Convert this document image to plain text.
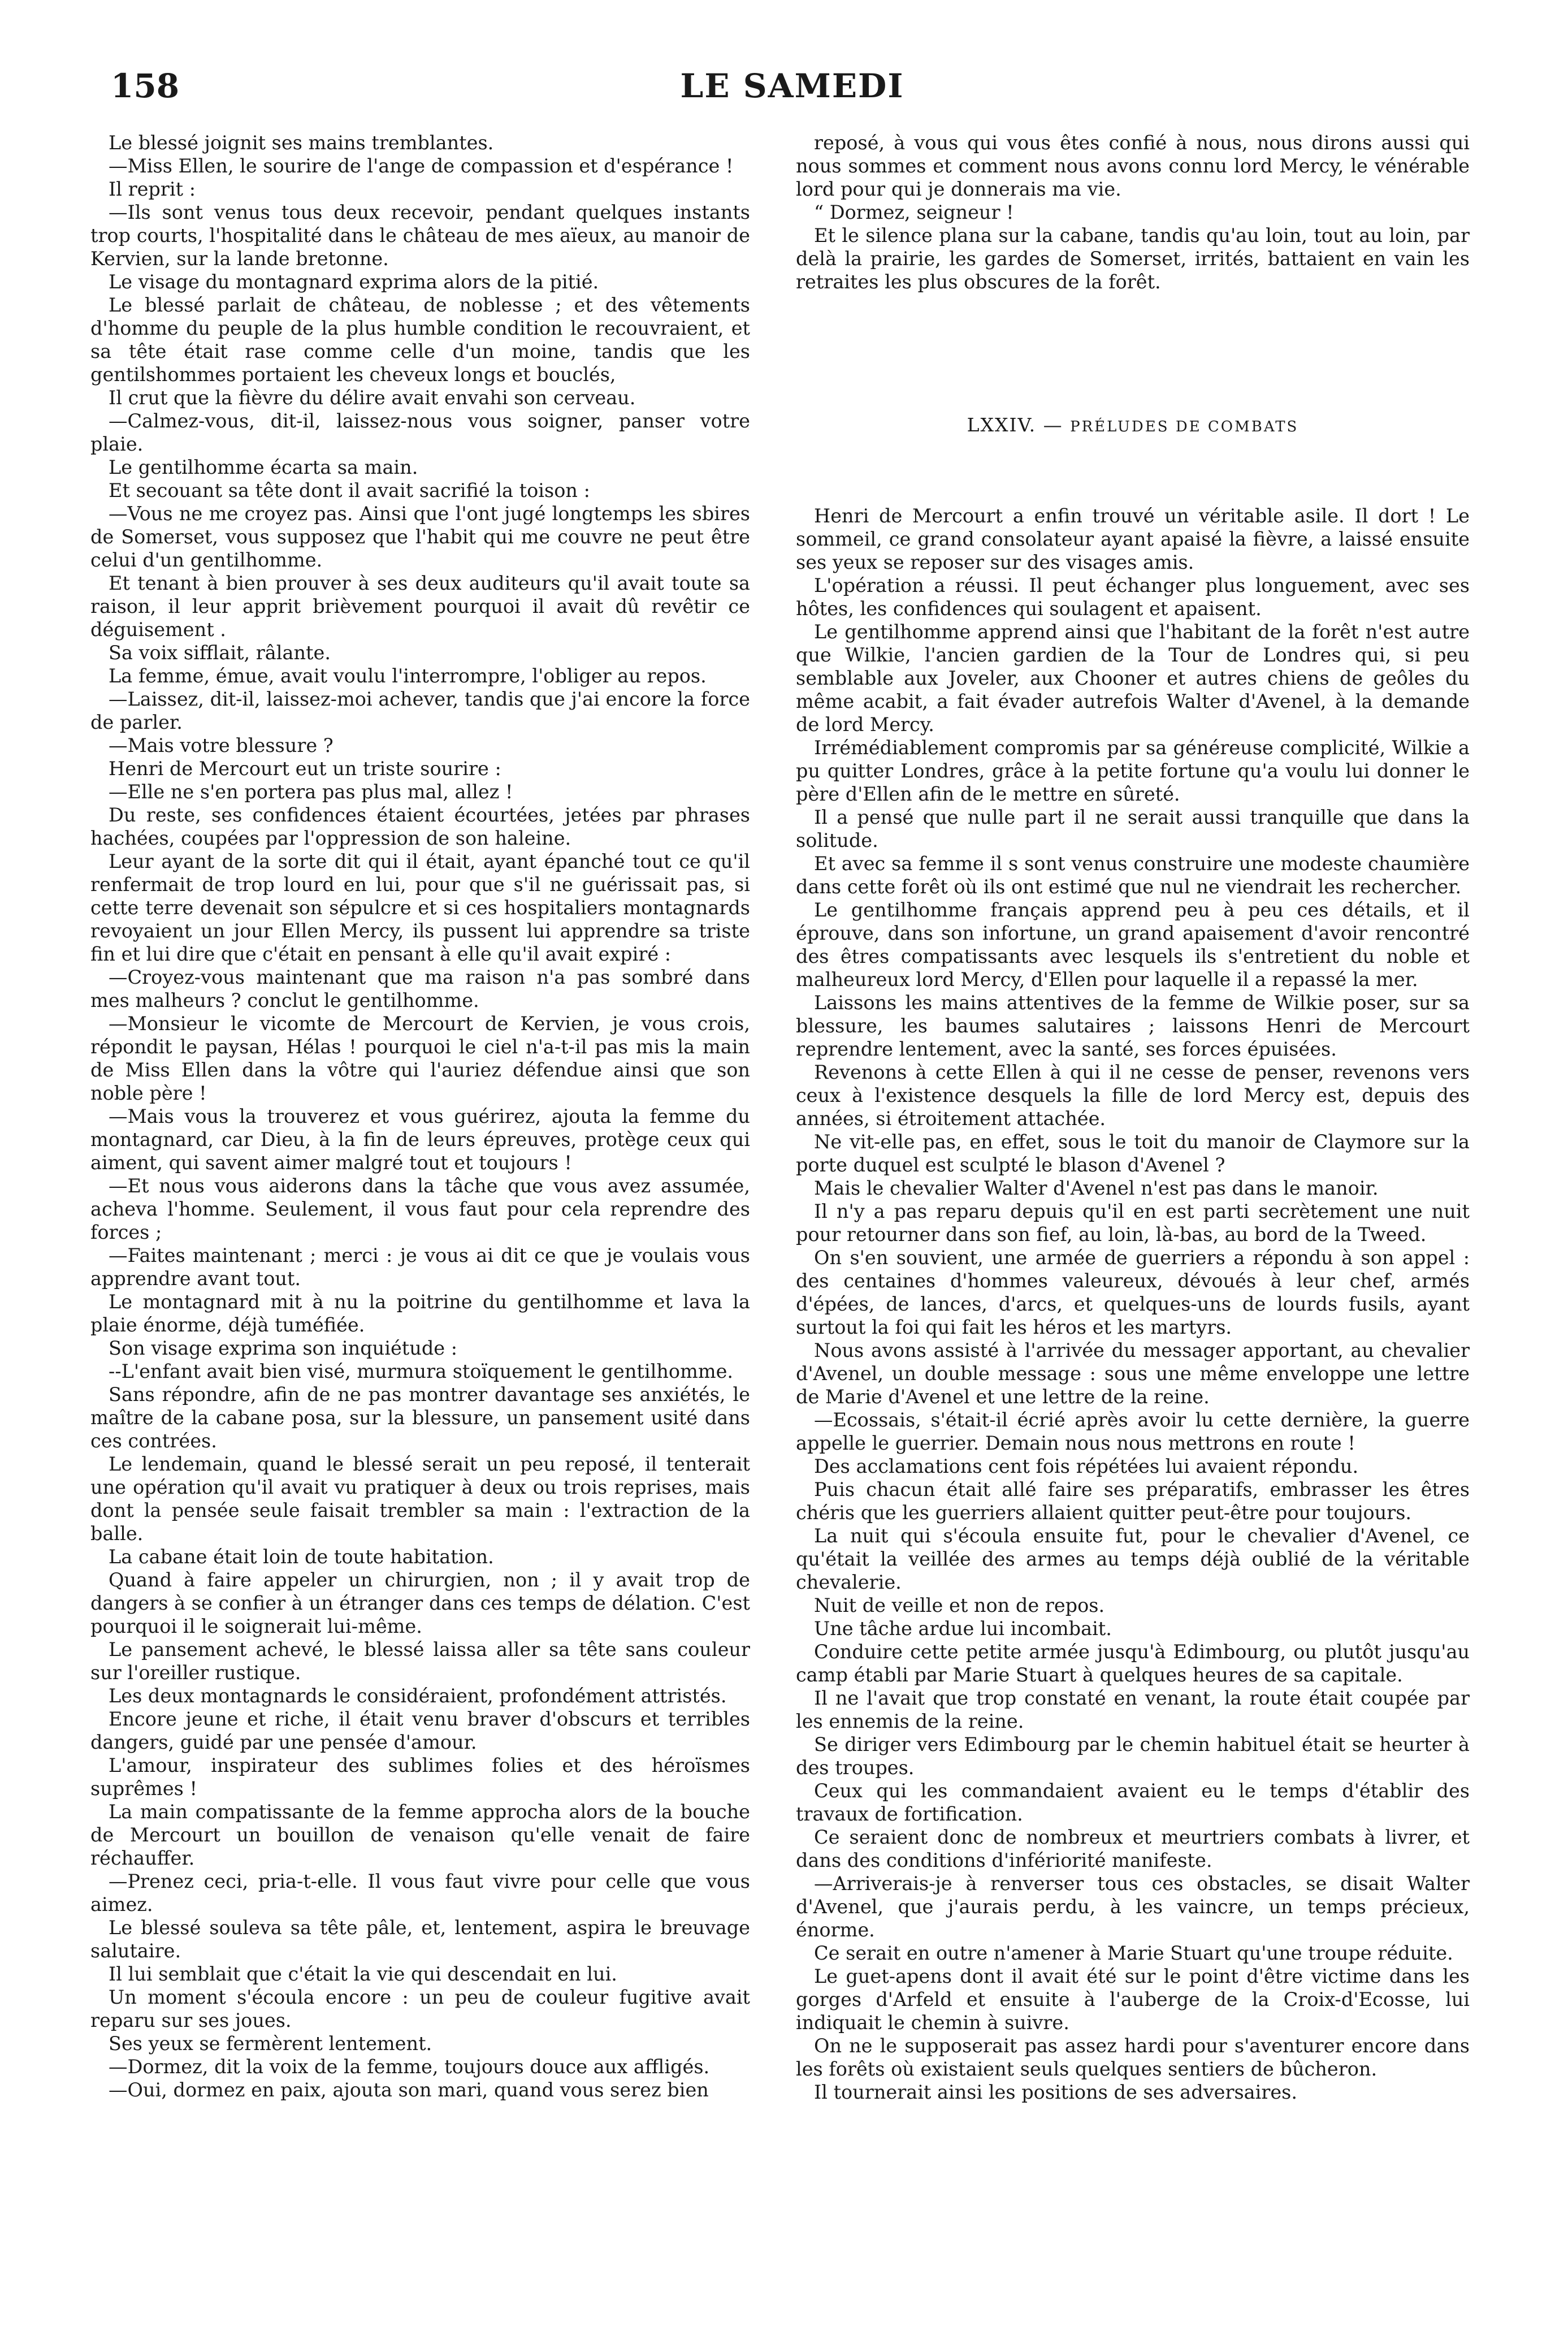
158	LE SAMEDI

Le blessé joignit ses mains tremblantes.

—Miss Ellen, le sourire de l'ange de compassion et d'espérance !

Il reprit :

—Ils sont venus tous deux recevoir, pendant quelques instants trop courts, l'hospitalité dans le château de mes aïeux, au manoir de Kervien, sur la lande bretonne.

Le visage du montagnard exprima alors de la pitié.

Le blessé parlait de château, de noblesse ; et des vêtements d'homme du peuple de la plus humble condition le recouvraient, et sa tête était rase comme celle d'un moine, tandis que les gentilshommes portaient les cheveux longs et bouclés,

Il crut que la fièvre du délire avait envahi son cerveau.

—Calmez-vous, dit-il, laissez-nous vous soigner, panser votre plaie.

Le gentilhomme écarta sa main.

Et secouant sa tête dont il avait sacrifié la toison :

—Vous ne me croyez pas. Ainsi que l'ont jugé longtemps les sbires de Somerset, vous supposez que l'habit qui me couvre ne peut être celui d'un gentilhomme.

Et tenant à bien prouver à ses deux auditeurs qu'il avait toute sa raison, il leur apprit brièvement pourquoi il avait dû revêtir ce déguisement .

Sa voix sifflait, râlante.

La femme, émue, avait voulu l'interrompre, l'obliger au repos.

—Laissez, dit-il, laissez-moi achever, tandis que j'ai encore la force de parler.

—Mais votre blessure ?

Henri de Mercourt eut un triste sourire :

—Elle ne s'en portera pas plus mal, allez !

Du reste, ses confidences étaient écourtées, jetées par phrases hachées, coupées par l'oppression de son haleine.

Leur ayant de la sorte dit qui il était, ayant épanché tout ce qu'il renfermait de trop lourd en lui, pour que s'il ne guérissait pas, si cette terre devenait son sépulcre et si ces hospitaliers montagnards revoyaient un jour Ellen Mercy, ils pussent lui apprendre sa triste fin et lui dire que c'était en pensant à elle qu'il avait expiré :

—Croyez-vous maintenant que ma raison n'a pas sombré dans mes malheurs ? conclut le gentilhomme.

—Monsieur le vicomte de Mercourt de Kervien, je vous crois, répondit le paysan, Hélas ! pourquoi le ciel n'a-t-il pas mis la main de Miss Ellen dans la vôtre qui l'auriez défendue ainsi que son noble père !

—Mais vous la trouverez et vous guérirez, ajouta la femme du montagnard, car Dieu, à la fin de leurs épreuves, protège ceux qui aiment, qui savent aimer malgré tout et toujours !

—Et nous vous aiderons dans la tâche que vous avez assumée, acheva l'homme. Seulement, il vous faut pour cela reprendre des forces ;

—Faites maintenant ; merci : je vous ai dit ce que je voulais vous apprendre avant tout.

Le montagnard mit à nu la poitrine du gentilhomme et lava la plaie énorme, déjà tuméfiée.

Son visage exprima son inquiétude :

--L'enfant avait bien visé, murmura stoïquement le gentilhomme.

Sans répondre, afin de ne pas montrer davantage ses anxiétés, le maître de la cabane posa, sur la blessure, un pansement usité dans ces contrées.

Le lendemain, quand le blessé serait un peu reposé, il tenterait une opération qu'il avait vu pratiquer à deux ou trois reprises, mais dont la pensée seule faisait trembler sa main : l'extraction de la balle.

La cabane était loin de toute habitation.

Quand à faire appeler un chirurgien, non ; il y avait trop de dangers à se confier à un étranger dans ces temps de délation. C'est pourquoi il le soignerait lui-même.

Le pansement achevé, le blessé laissa aller sa tête sans couleur sur l'oreiller rustique.

Les deux montagnards le considéraient, profondément attristés.

Encore jeune et riche, il était venu braver d'obscurs et terribles dangers, guidé par une pensée d'amour.

L'amour, inspirateur des sublimes folies et des héroïsmes suprêmes !

La main compatissante de la femme approcha alors de la bouche de Mercourt un bouillon de venaison qu'elle venait de faire réchauffer.

—Prenez ceci, pria-t-elle. Il vous faut vivre pour celle que vous aimez.

Le blessé souleva sa tête pâle, et, lentement, aspira le breuvage salutaire.

Il lui semblait que c'était la vie qui descendait en lui.

Un moment s'écoula encore : un peu de couleur fugitive avait reparu sur ses joues.

Ses yeux se fermèrent lentement.

—Dormez, dit la voix de la femme, toujours douce aux affligés.

—Oui, dormez en paix, ajouta son mari, quand vous serez bien

reposé, à vous qui vous êtes confié à nous, nous dirons aussi qui nous sommes et comment nous avons connu lord Mercy, le vénérable lord pour qui je donnerais ma vie.

“ Dormez, seigneur !

Et le silence plana sur la cabane, tandis qu'au loin, tout au loin, par delà la prairie, les gardes de Somerset, irrités, battaient en vain les retraites les plus obscures de la forêt.

LXXIV. — PRÉLUDES DE COMBATS

Henri de Mercourt a enfin trouvé un véritable asile. Il dort ! Le sommeil, ce grand consolateur ayant apaisé la fièvre, a laissé ensuite ses yeux se reposer sur des visages amis.

L'opération a réussi. Il peut échanger plus longuement, avec ses hôtes, les confidences qui soulagent et apaisent.

Le gentilhomme apprend ainsi que l'habitant de la forêt n'est autre que Wilkie, l'ancien gardien de la Tour de Londres qui, si peu semblable aux Joveler, aux Chooner et autres chiens de geôles du même acabit, a fait évader autrefois Walter d'Avenel, à la demande de lord Mercy.

Irrémédiablement compromis par sa généreuse complicité, Wilkie a pu quitter Londres, grâce à la petite fortune qu'a voulu lui donner le père d'Ellen afin de le mettre en sûreté.

Il a pensé que nulle part il ne serait aussi tranquille que dans la solitude.

Et avec sa femme il s sont venus construire une modeste chaumière dans cette forêt où ils ont estimé que nul ne viendrait les rechercher.

Le gentilhomme français apprend peu à peu ces détails, et il éprouve, dans son infortune, un grand apaisement d'avoir rencontré des êtres compatissants avec lesquels ils s'entretient du noble et malheureux lord Mercy, d'Ellen pour laquelle il a repassé la mer.

Laissons les mains attentives de la femme de Wilkie poser, sur sa blessure, les baumes salutaires ; laissons Henri de Mercourt reprendre lentement, avec la santé, ses forces épuisées.

Revenons à cette Ellen à qui il ne cesse de penser, revenons vers ceux à l'existence desquels la fille de lord Mercy est, depuis des années, si étroitement attachée.

Ne vit-elle pas, en effet, sous le toit du manoir de Claymore sur la porte duquel est sculpté le blason d'Avenel ?

Mais le chevalier Walter d'Avenel n'est pas dans le manoir.

Il n'y a pas reparu depuis qu'il en est parti secrètement une nuit pour retourner dans son fief, au loin, là-bas, au bord de la Tweed.

On s'en souvient, une armée de guerriers a répondu à son appel : des centaines d'hommes valeureux, dévoués à leur chef, armés d'épées, de lances, d'arcs, et quelques-uns de lourds fusils, ayant surtout la foi qui fait les héros et les martyrs.

Nous avons assisté à l'arrivée du messager apportant, au chevalier d'Avenel, un double message : sous une même enveloppe une lettre de Marie d'Avenel et une lettre de la reine.

—Ecossais, s'était-il écrié après avoir lu cette dernière, la guerre appelle le guerrier. Demain nous nous mettrons en route !

Des acclamations cent fois répétées lui avaient répondu.

Puis chacun était allé faire ses préparatifs, embrasser les êtres chéris que les guerriers allaient quitter peut-être pour toujours.

La nuit qui s'écoula ensuite fut, pour le chevalier d'Avenel, ce qu'était la veillée des armes au temps déjà oublié de la véritable chevalerie.

Nuit de veille et non de repos.

Une tâche ardue lui incombait.

Conduire cette petite armée jusqu'à Edimbourg, ou plutôt jusqu'au camp établi par Marie Stuart à quelques heures de sa capitale.

Il ne l'avait que trop constaté en venant, la route était coupée par les ennemis de la reine.

Se diriger vers Edimbourg par le chemin habituel était se heurter à des troupes.

Ceux qui les commandaient avaient eu le temps d'établir des travaux de fortification.

Ce seraient donc de nombreux et meurtriers combats à livrer, et dans des conditions d'infériorité manifeste.

—Arriverais-je à renverser tous ces obstacles, se disait Walter d'Avenel, que j'aurais perdu, à les vaincre, un temps précieux, énorme.

Ce serait en outre n'amener à Marie Stuart qu'une troupe réduite.

Le guet-apens dont il avait été sur le point d'être victime dans les gorges d'Arfeld et ensuite à l'auberge de la Croix-d'Ecosse, lui indiquait le chemin à suivre.

On ne le supposerait pas assez hardi pour s'aventurer encore dans les forêts où existaient seuls quelques sentiers de bûcheron.

Il tournerait ainsi les positions de ses adversaires.
